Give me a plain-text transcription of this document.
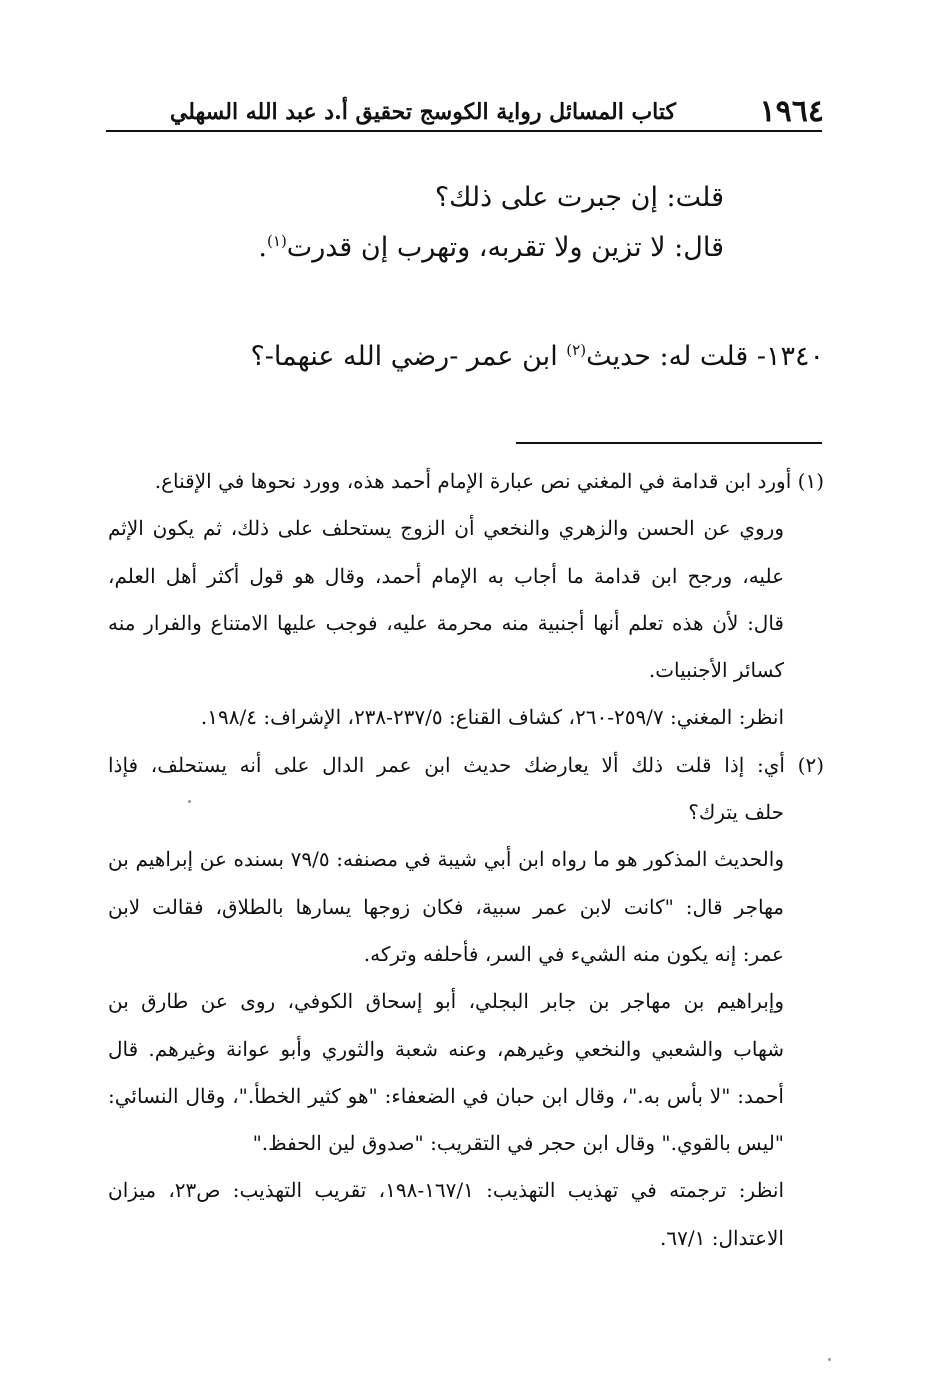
١٩٦٤
كتاب المسائل رواية الكوسج تحقيق أ.د عبد الله السهلي
قلت: إن جبرت على ذلك؟
قال: لا تزين ولا تقربه، وتهرب إن قدرت$^{(١)}$.
١٣٤٠- قلت له: حديث$^{(٢)}$ ابن عمر -رضي الله عنهما-؟
(١) أورد ابن قدامة في المغني نص عبارة الإمام أحمد هذه، وورد نحوها في الإقناع.
وروي عن الحسن والزهري والنخعي أن الزوج يستحلف على ذلك، ثم يكون الإثم
عليه، ورجح ابن قدامة ما أجاب به الإمام أحمد، وقال هو قول أكثر أهل العلم،
قال: لأن هذه تعلم أنها أجنبية منه محرمة عليه، فوجب عليها الامتناع والفرار منه
كسائر الأجنبيات.
انظر: المغني: ٢٥٩/٧-٢٦٠، كشاف القناع: ٢٣٧/٥-٢٣٨، الإشراف: ١٩٨/٤.
(٢) أي: إذا قلت ذلك ألا يعارضك حديث ابن عمر الدال على أنه يستحلف، فإذا
حلف يترك؟
والحديث المذكور هو ما رواه ابن أبي شيبة في مصنفه: ٧٩/٥ بسنده عن إبراهيم بن
مهاجر قال: "كانت لابن عمر سبية، فكان زوجها يسارها بالطلاق، فقالت لابن
عمر: إنه يكون منه الشيء في السر، فأحلفه وتركه.
وإبراهيم بن مهاجر بن جابر البجلي، أبو إسحاق الكوفي، روى عن طارق بن
شهاب والشعبي والنخعي وغيرهم، وعنه شعبة والثوري وأبو عوانة وغيرهم. قال
أحمد: "لا بأس به."، وقال ابن حبان في الضعفاء: "هو كثير الخطأ."، وقال النسائي:
"ليس بالقوي." وقال ابن حجر في التقريب: "صدوق لين الحفظ."
انظر: ترجمته في تهذيب التهذيب: ١٦٧/١-١٩٨، تقريب التهذيب: ص٢٣، ميزان
الاعتدال: ٦٧/١.
